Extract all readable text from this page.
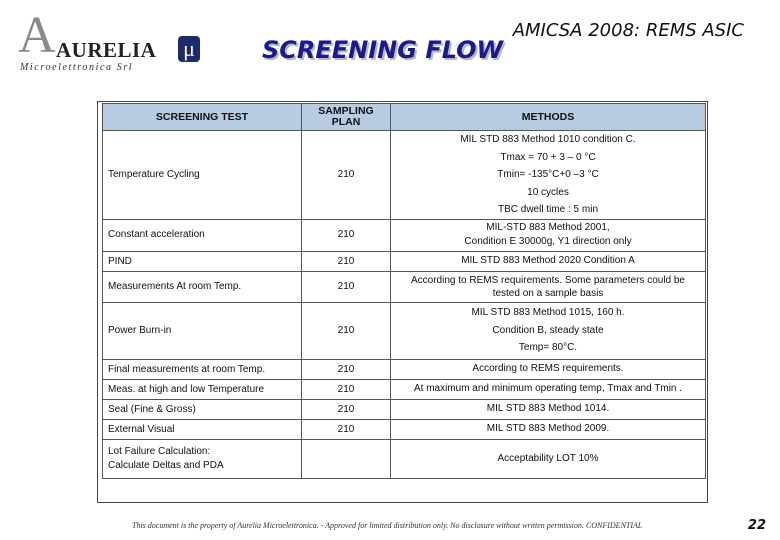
A AURELIA μ
Microelettronica Srl
AMICSA 2008: REMS ASIC
SCREENING FLOW
SCREENING TEST	SAMPLING PLAN	METHODS
Temperature Cycling	210	MIL STD 883 Method 1010 condition C.
Tmax = 70 + 3 – 0 °C
Tmin= -135°C+0 –3 °C
10 cycles
TBC dwell time : 5 min

Constant acceleration	210	MIL-STD 883 Method 2001,
Condition E 30000g, Y1 direction only

PIND	210	MIL STD 883 Method 2020 Condition A

Measurements At room Temp.	210	According to REMS requirements. Some parameters could be
tested on a sample basis

Power Burn-in	210	MIL STD 883 Method 1015, 160 h.
Condition B, steady state
Temp= 80°C.

Final measurements at room Temp.	210	According to REMS requirements.

Meas. at high and low Temperature	210	At maximum and minimum operating temp, Tmax and Tmin .

Seal (Fine & Gross)	210	MIL STD 883 Method 1014.

External Visual	210	MIL STD 883 Method 2009.

Lot Failure Calculation:
Calculate Deltas and PDA		Acceptability LOT 10%
This document is the property of Aurelia Microelettronica. - Approved for limited distribution only. No disclosure without written permission. CONFIDENTIAL	22
